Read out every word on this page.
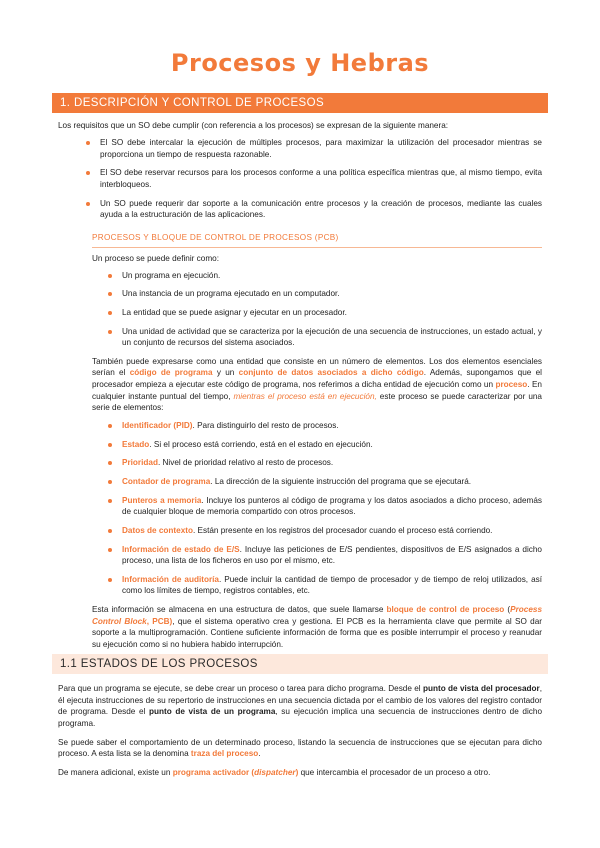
Procesos y Hebras
1. DESCRIPCIÓN Y CONTROL DE PROCESOS

Los requisitos que un SO debe cumplir (con referencia a los procesos) se expresan de la siguiente manera:

El SO debe intercalar la ejecución de múltiples procesos, para maximizar la utilización del procesador mientras se proporciona un tiempo de respuesta razonable.
El SO debe reservar recursos para los procesos conforme a una política específica mientras que, al mismo tiempo, evita interbloqueos.
Un SO puede requerir dar soporte a la comunicación entre procesos y la creación de procesos, mediante las cuales ayuda a la estructuración de las aplicaciones.
PROCESOS Y BLOQUE DE CONTROL DE PROCESOS (PCB)

Un proceso se puede definir como:

Un programa en ejecución.
Una instancia de un programa ejecutado en un computador.
La entidad que se puede asignar y ejecutar en un procesador.
Una unidad de actividad que se caracteriza por la ejecución de una secuencia de instrucciones, un estado actual, y un conjunto de recursos del sistema asociados.

También puede expresarse como una entidad que consiste en un número de elementos. Los dos elementos esenciales serían el código de programa y un conjunto de datos asociados a dicho código. Además, supongamos que el procesador empieza a ejecutar este código de programa, nos referimos a dicha entidad de ejecución como un proceso. En cualquier instante puntual del tiempo, mientras el proceso está en ejecución, este proceso se puede caracterizar por una serie de elementos:

Identificador (PID). Para distinguirlo del resto de procesos.
Estado. Si el proceso está corriendo, está en el estado en ejecución.
Prioridad. Nivel de prioridad relativo al resto de procesos.
Contador de programa. La dirección de la siguiente instrucción del programa que se ejecutará.
Punteros a memoria. Incluye los punteros al código de programa y los datos asociados a dicho proceso, además de cualquier bloque de memoria compartido con otros procesos.
Datos de contexto. Están presente en los registros del procesador cuando el proceso está corriendo.
Información de estado de E/S. Incluye las peticiones de E/S pendientes, dispositivos de E/S asignados a dicho proceso, una lista de los ficheros en uso por el mismo, etc.
Información de auditoría. Puede incluir la cantidad de tiempo de procesador y de tiempo de reloj utilizados, así como los límites de tiempo, registros contables, etc.

Esta información se almacena en una estructura de datos, que suele llamarse bloque de control de proceso (Process Control Block, PCB), que el sistema operativo crea y gestiona. El PCB es la herramienta clave que permite al SO dar soporte a la multiprogramación. Contiene suficiente información de forma que es posible interrumpir el proceso y reanudar su ejecución como si no hubiera habido interrupción.

1.1 ESTADOS DE LOS PROCESOS

Para que un programa se ejecute, se debe crear un proceso o tarea para dicho programa. Desde el punto de vista del procesador, él ejecuta instrucciones de su repertorio de instrucciones en una secuencia dictada por el cambio de los valores del registro contador de programa. Desde el punto de vista de un programa, su ejecución implica una secuencia de instrucciones dentro de dicho programa.

Se puede saber el comportamiento de un determinado proceso, listando la secuencia de instrucciones que se ejecutan para dicho proceso. A esta lista se la denomina traza del proceso.

De manera adicional, existe un programa activador (dispatcher) que intercambia el procesador de un proceso a otro.
